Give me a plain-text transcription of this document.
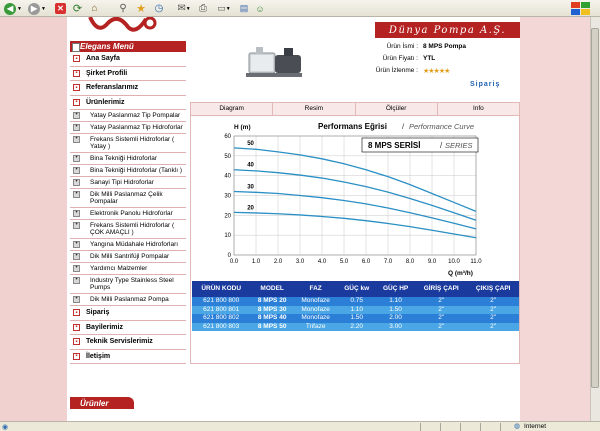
◀ ▼	▶ ▼ ✕ ⟳ ⌂ ⚲ ★ ◷ ✉ ▼ ⎙ ▭ ▼ ▤ ☺
Dünya Pompa A.Ş.
Elegans Menü
▪	Ana Sayfa
▪	Şirket Profili
▪	Referanslarımız
▪	Ürünlerimiz
•	Yatay Paslanmaz Tip Pompalar
•	Yatay Paslanmaz Tip Hidroforlar
•	Frekans Sistemli Hidroforlar ( Yatay )
•	Bina Tekniği Hidroforlar
•	Bina Tekniği Hidroforlar (Tanklı )
•	Sanayi Tipi Hidroforlar
•	Dik Milli Paslanmaz Çelik Pompalar
•	Elektronik Panolu Hidroforlar
•	Frekans Sistemli Hidroforlar ( ÇOK AMAÇLI )
•	Yangına Müdahale Hidroforları
•	Dik Milli Santrifüjl Pompalar
•	Yardımcı Malzemler
•	Industry Type Stainless Steel Pumps
•	Dik Milli Paslanmaz Pompa
▪	Sipariş
▪	Bayilerimiz
▪	Teknik Servislerimiz
▪	İletişim
Ürünler
Ürün İsmi : 8 MPS Pompa
Ürün Fiyatı : YTL
Ürün İzlenme : ★★★★★
Sipariş
Diagram	Resim	Ölçüler	Info
50
40
30
20
0.0 1.0 2.0 3.0 4.0 5.0 6.0 7.0 8.0 9.0 10.0 11.0
0
10
20
30
40
50
60
Performans Eğrisi / Performance Curve
8 MPS SERİSİ / SERIES
H (m)
Q (m³/h)
ÜRÜN KODU	MODEL	FAZ	GÜÇ kw	GÜÇ HP	GİRİŞ ÇAPI	ÇIKIŞ ÇAPI
621 800 800	8 MPS 20	Monofaze	0.75	1.10	2"	2"
621 800 801	8 MPS 30	Monofaze	1.10	1.50	2"	2"
621 800 802	8 MPS 40	Monofaze	1.50	2.00	2"	2"
621 800 803	8 MPS 50	Trifaze	2.20	3.00	2"	2"
◉	◍ Internet
